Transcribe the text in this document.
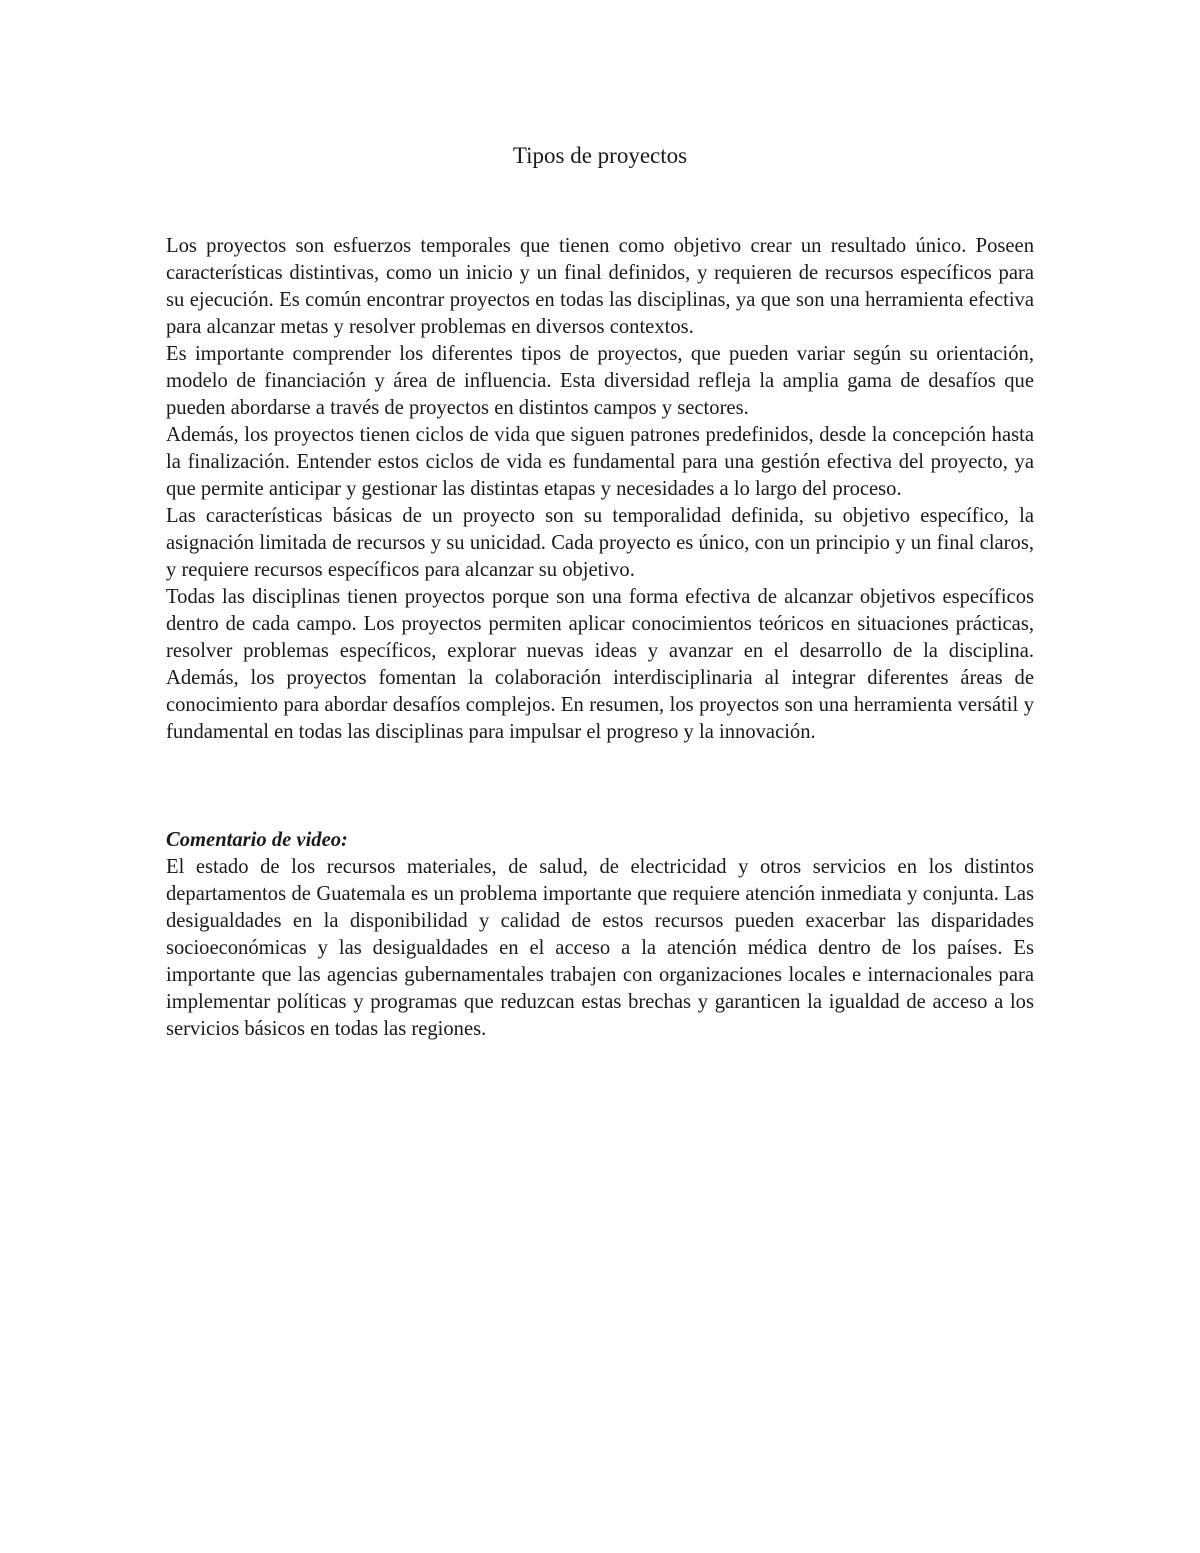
Tipos de proyectos

Los proyectos son esfuerzos temporales que tienen como objetivo crear un resultado único. Poseen características distintivas, como un inicio y un final definidos, y requieren de recursos específicos para su ejecución. Es común encontrar proyectos en todas las disciplinas, ya que son una herramienta efectiva para alcanzar metas y resolver problemas en diversos contextos.

Es importante comprender los diferentes tipos de proyectos, que pueden variar según su orientación, modelo de financiación y área de influencia. Esta diversidad refleja la amplia gama de desafíos que pueden abordarse a través de proyectos en distintos campos y sectores.

Además, los proyectos tienen ciclos de vida que siguen patrones predefinidos, desde la concepción hasta la finalización. Entender estos ciclos de vida es fundamental para una gestión efectiva del proyecto, ya que permite anticipar y gestionar las distintas etapas y necesidades a lo largo del proceso.

Las características básicas de un proyecto son su temporalidad definida, su objetivo específico, la asignación limitada de recursos y su unicidad. Cada proyecto es único, con un principio y un final claros, y requiere recursos específicos para alcanzar su objetivo.

Todas las disciplinas tienen proyectos porque son una forma efectiva de alcanzar objetivos específicos dentro de cada campo. Los proyectos permiten aplicar conocimientos teóricos en situaciones prácticas, resolver problemas específicos, explorar nuevas ideas y avanzar en el desarrollo de la disciplina. Además, los proyectos fomentan la colaboración interdisciplinaria al integrar diferentes áreas de conocimiento para abordar desafíos complejos. En resumen, los proyectos son una herramienta versátil y fundamental en todas las disciplinas para impulsar el progreso y la innovación.

Comentario de video:

El estado de los recursos materiales, de salud, de electricidad y otros servicios en los distintos departamentos de Guatemala es un problema importante que requiere atención inmediata y conjunta. Las desigualdades en la disponibilidad y calidad de estos recursos pueden exacerbar las disparidades socioeconómicas y las desigualdades en el acceso a la atención médica dentro de los países. Es importante que las agencias gubernamentales trabajen con organizaciones locales e internacionales para implementar políticas y programas que reduzcan estas brechas y garanticen la igualdad de acceso a los servicios básicos en todas las regiones.
